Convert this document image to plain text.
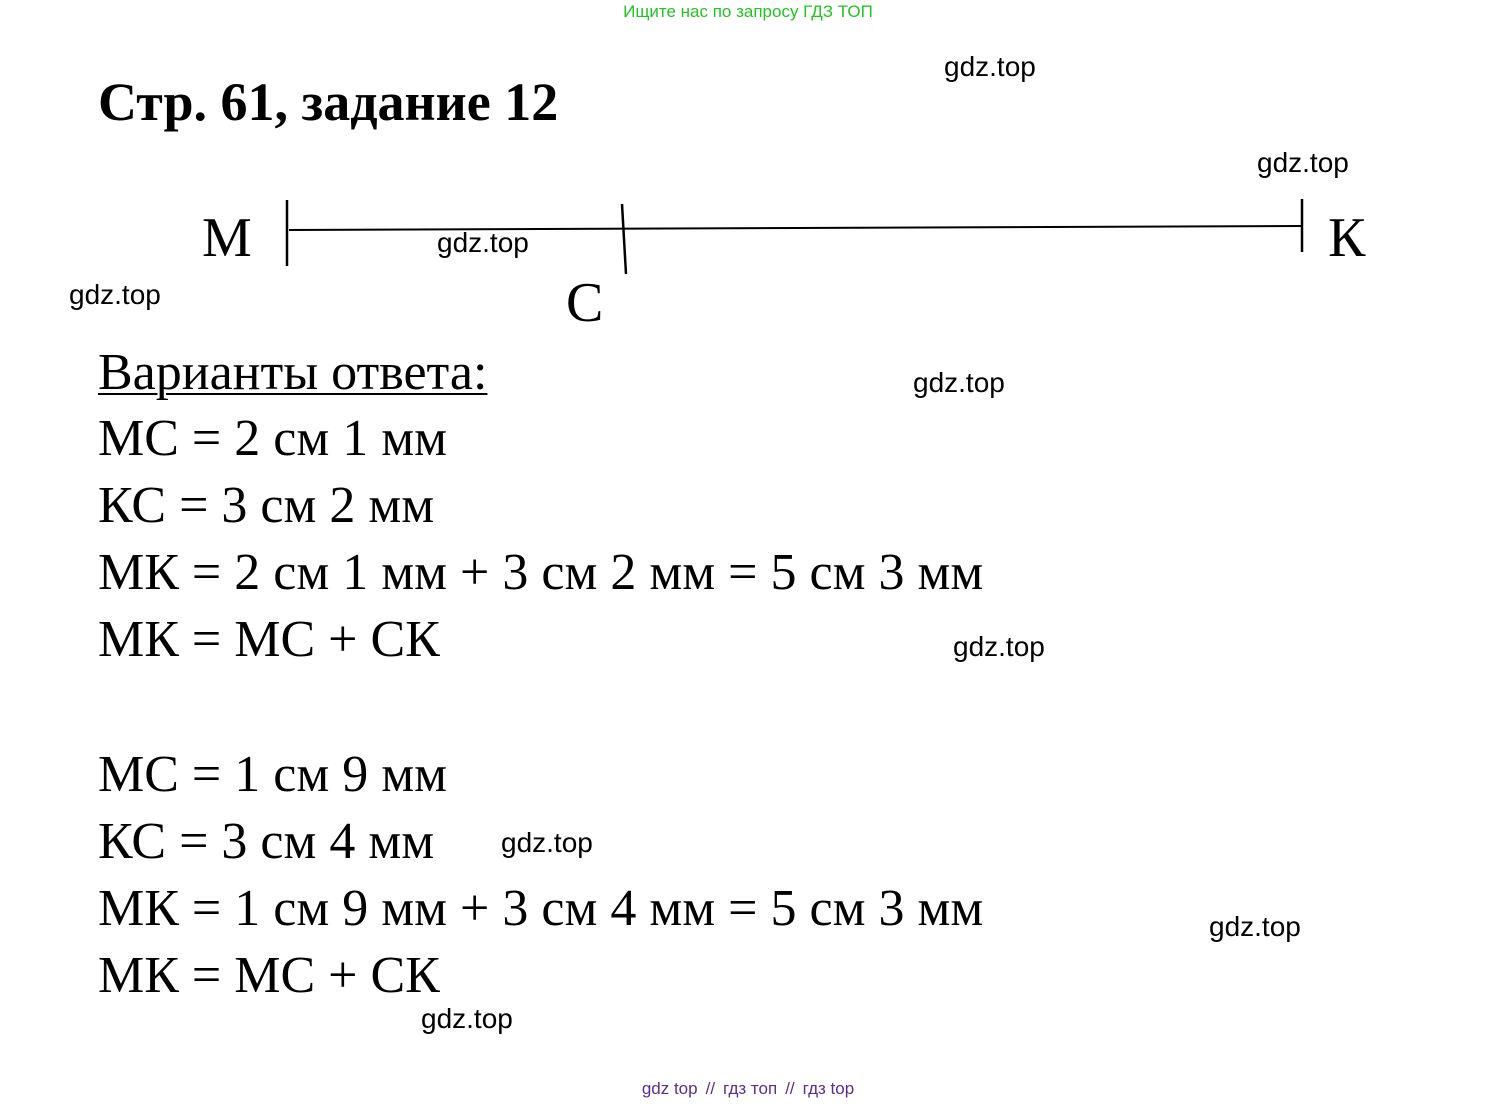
Ищите нас по запросу ГДЗ ТОП
Стр. 61, задание 12
М
С
К
Варианты ответа:
МС = 2 см 1 мм
КС = 3 см 2 мм
МК = 2 см 1 мм + 3 см 2 мм = 5 см 3 мм
МК = МС + СК
МС = 1 см 9 мм
КС = 3 см 4 мм
МК = 1 см 9 мм + 3 см 4 мм = 5 см 3 мм
МК = МС + СК
gdz.top
gdz.top
gdz.top
gdz.top
gdz.top
gdz.top
gdz.top
gdz.top
gdz.top
gdz top // гдз топ // гдз top
